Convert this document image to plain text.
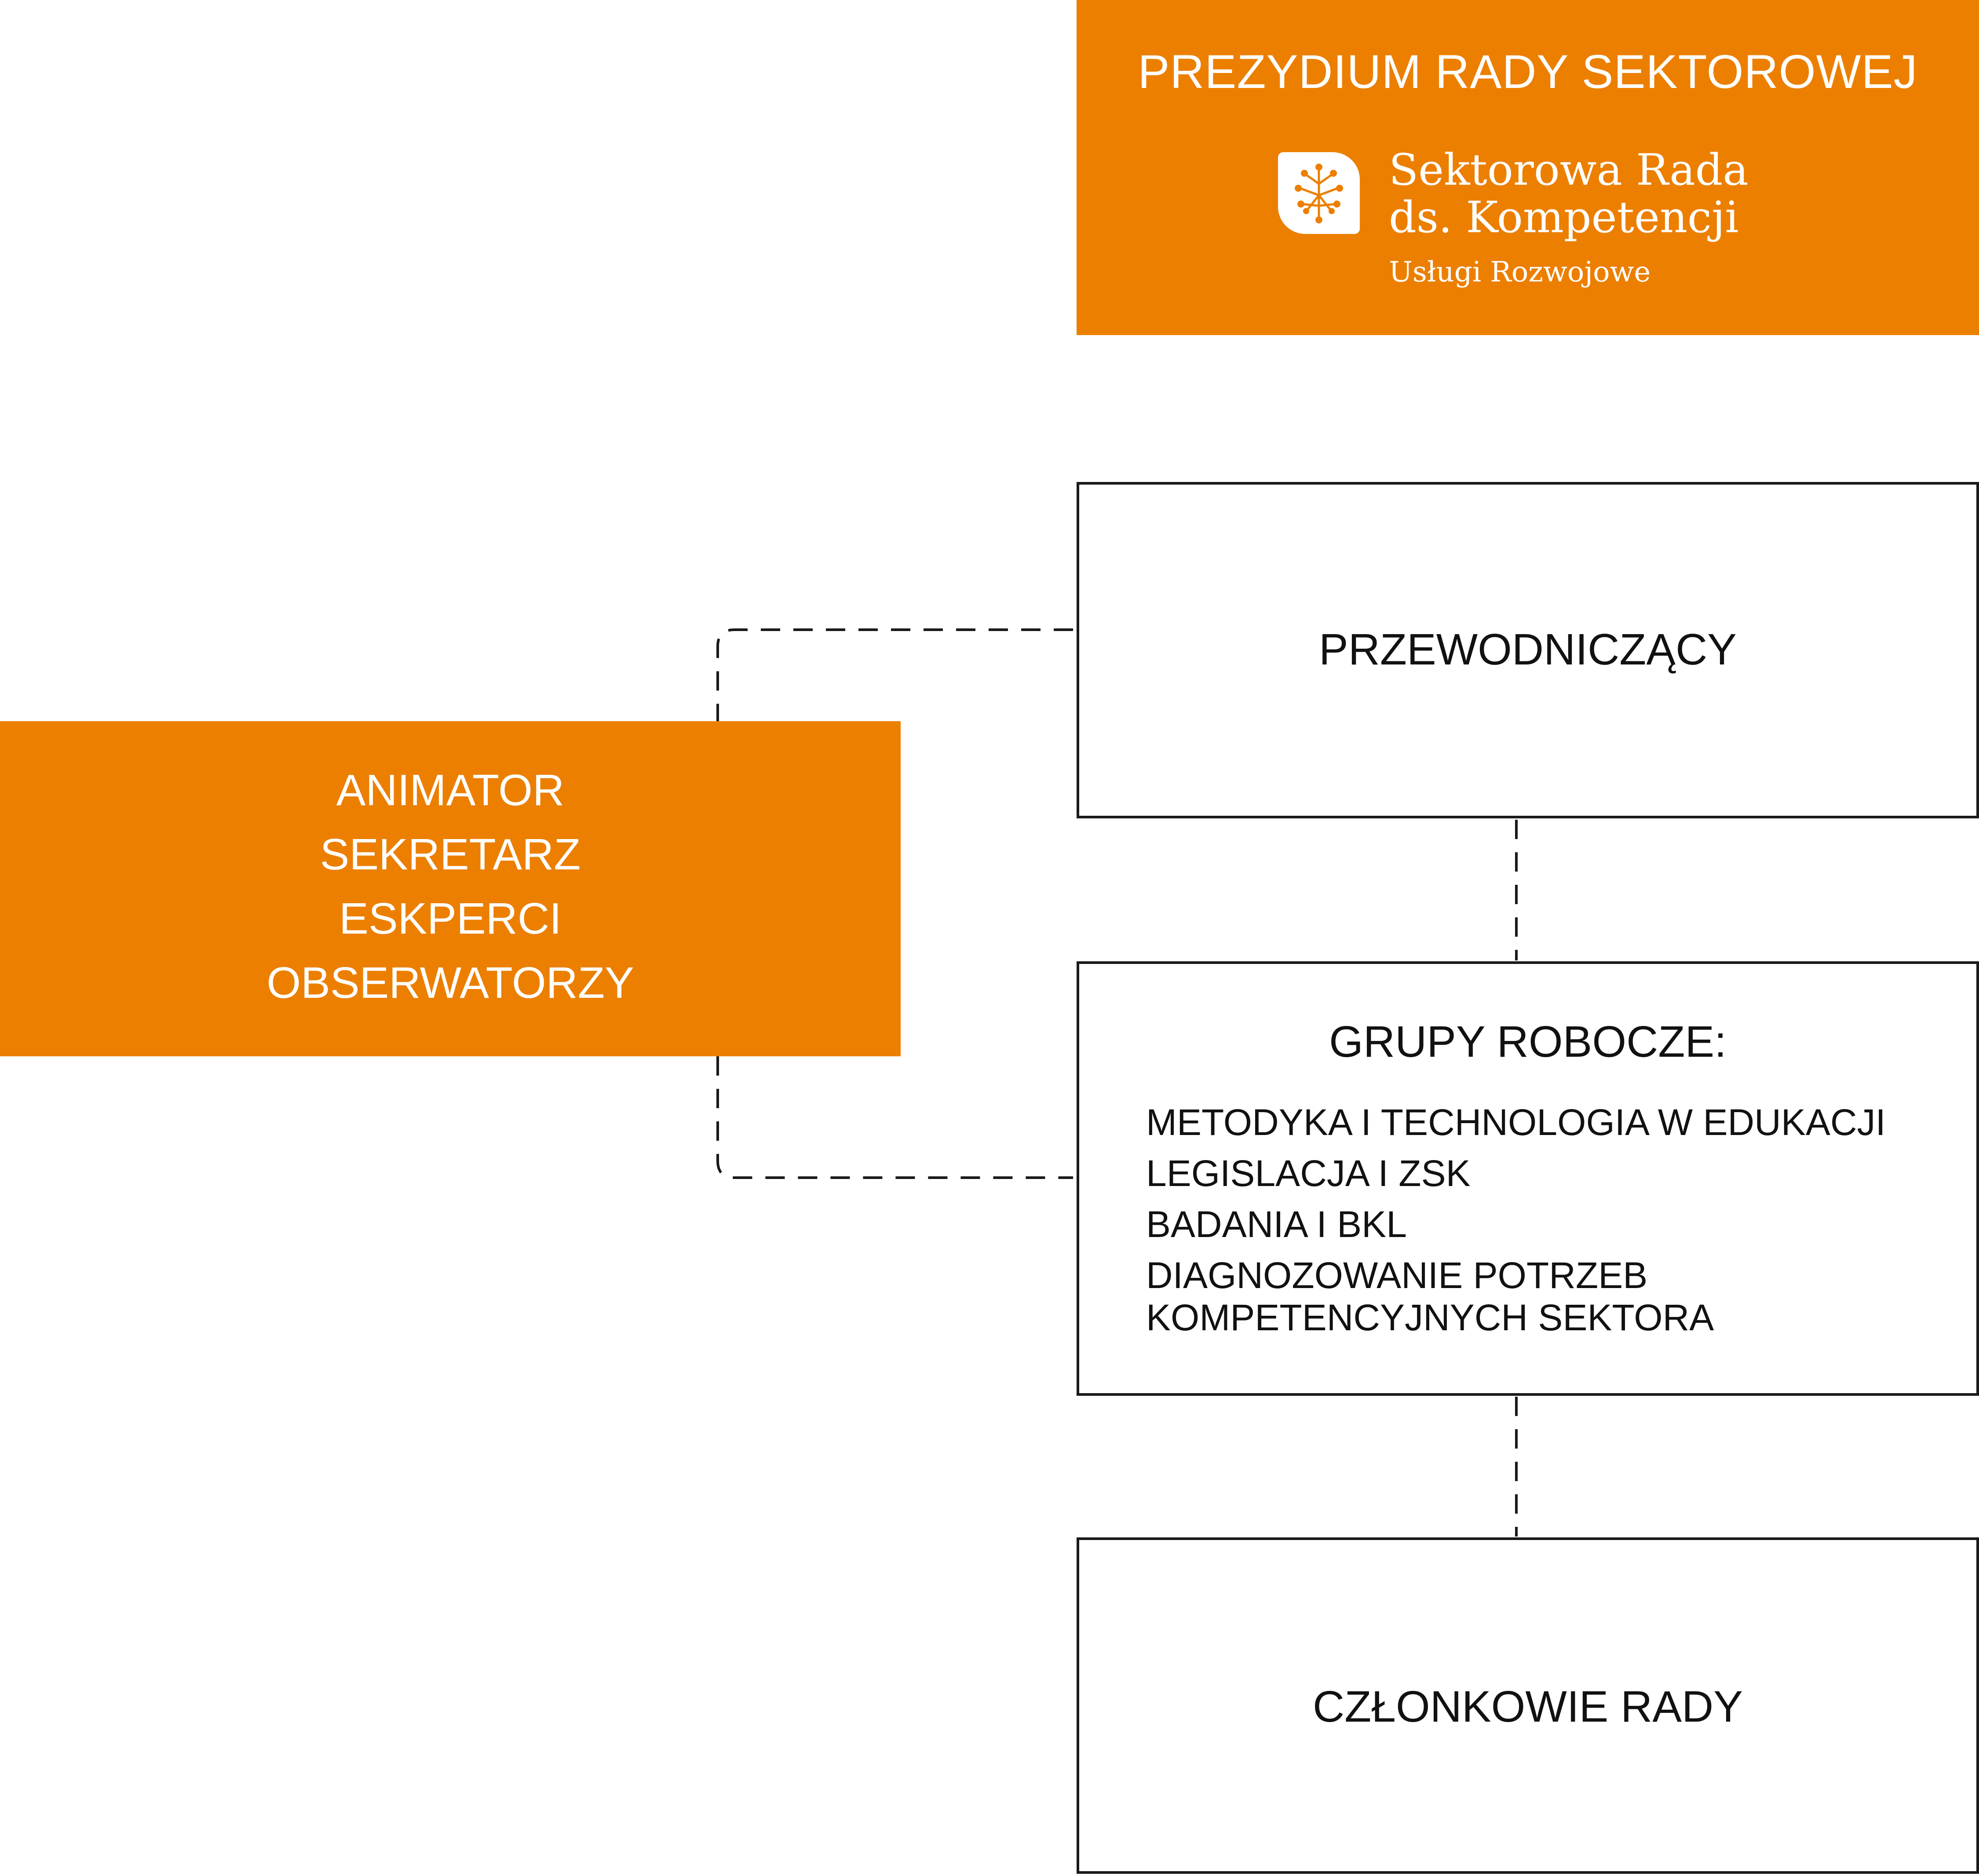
PREZYDIUM RADY SEKTOROWEJ
Sektorowa Rada
ds. Kompetencji
Usługi Rozwojowe
PRZEWODNICZĄCY
ANIMATOR
SEKRETARZ
ESKPERCI
OBSERWATORZY
GRUPY ROBOCZE:
METODYKA I TECHNOLOGIA W EDUKACJI
LEGISLACJA I ZSK
BADANIA I BKL
DIAGNOZOWANIE POTRZEB KOMPETENCYJNYCH SEKTORA
CZŁONKOWIE RADY
